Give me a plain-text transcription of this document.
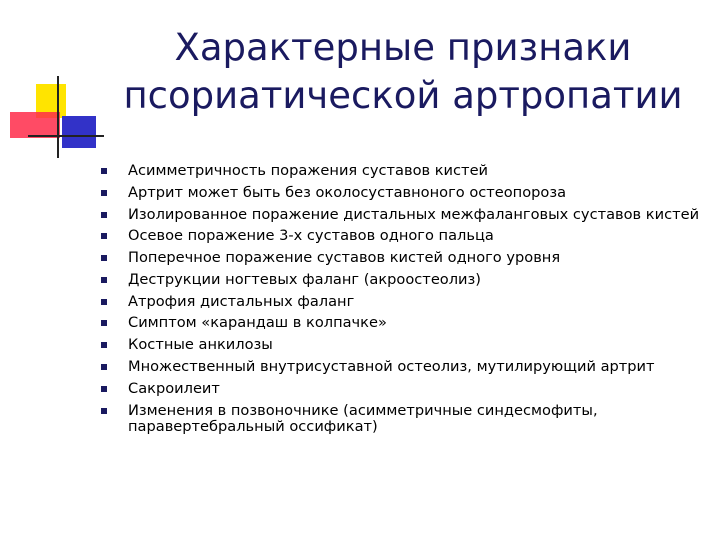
Характерные признаки
псориатической артропатии
Асимметричность поражения суставов кистей
Артрит может быть без околосуставноного остеопороза
Изолированное поражение дистальных межфаланговых суставов кистей
Осевое поражение 3-х суставов одного пальца
Поперечное поражение суставов кистей одного уровня
Деструкции ногтевых фаланг (акроостеолиз)
Атрофия дистальных фаланг
Симптом «карандаш в колпачке»
Костные анкилозы
Множественный внутрисуставной остеолиз, мутилирующий артрит
Сакроилеит
Изменения в позвоночнике (асимметричные синдесмофиты, паравертебральный оссификат)
